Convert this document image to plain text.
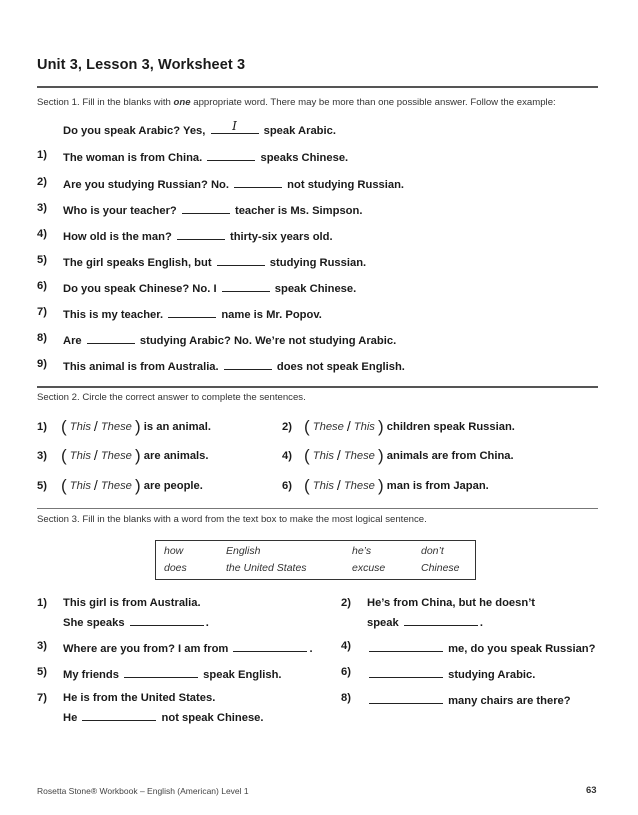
Unit 3, Lesson 3, Worksheet 3
Section 1. Fill in the blanks with one appropriate word. There may be more than one possible answer. Follow the example:
Do you speak Arabic? Yes,	I	speak Arabic.
1) The woman is from China.	speaks Chinese.
2) Are you studying Russian? No.	not studying Russian.
3) Who is your teacher?	teacher is Ms. Simpson.
4) How old is the man?	thirty-six years old.
5) The girl speaks English, but	studying Russian.
6) Do you speak Chinese? No. I	speak Chinese.
7) This is my teacher.	name is Mr. Popov.
8) Are	studying Arabic? No. We’re not studying Arabic.
9) This animal is from Australia.	does not speak English.
Section 2. Circle the correct answer to complete the sentences.
1) ( This / These ) is an animal.	2) ( These / This ) children speak Russian.
3) ( This / These ) are animals.	4) ( This / These ) animals are from China.
5) ( This / These ) are people.	6) ( This / These ) man is from Japan.
Section 3. Fill in the blanks with a word from the text box to make the most logical sentence.
how	English	he’s	don’t
does	the United States	excuse	Chinese
1) This girl is from Australia.
She speaks	.
2) He’s from China, but he doesn’t
speak	.
3) Where are you from? I am from	.	4)	me, do you speak Russian?
5) My friends	speak English.	6)	studying Arabic.
7) He is from the United States.
He	not speak Chinese.
8)	many chairs are there?
Rosetta Stone® Workbook – English (American) Level 1	63
